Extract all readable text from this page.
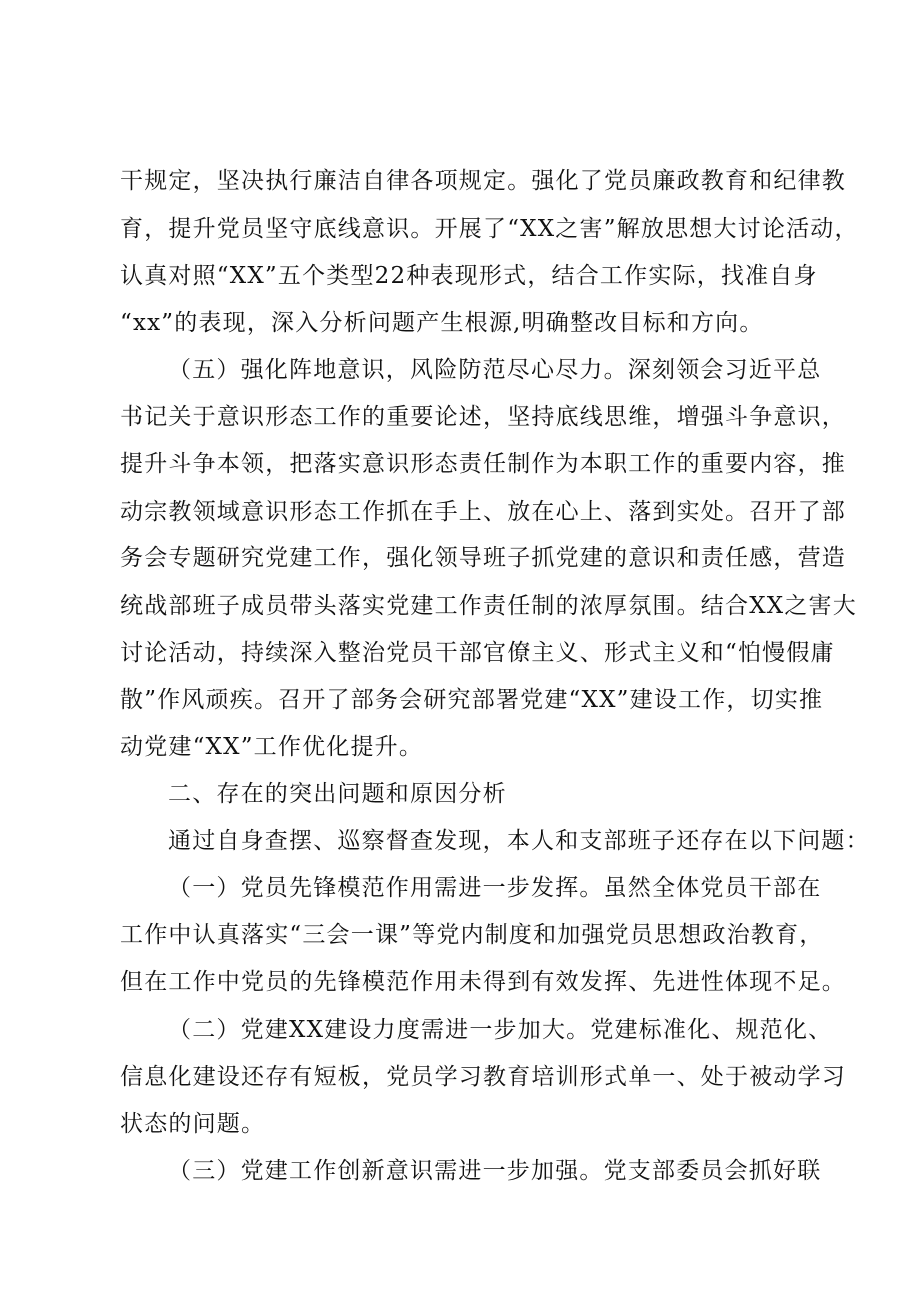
干规定，坚决执行廉洁自律各项规定。强化了党员廉政教育和纪律教
育，提升党员坚守底线意识。开展了“XX之害”解放思想大讨论活动，
认真对照“XX”五个类型22种表现形式，结合工作实际，找准自身
“xx”的表现，深入分析问题产生根源,明确整改目标和方向。
（五）强化阵地意识，风险防范尽心尽力。深刻领会习近平总
书记关于意识形态工作的重要论述，坚持底线思维，增强斗争意识，
提升斗争本领，把落实意识形态责任制作为本职工作的重要内容，推
动宗教领域意识形态工作抓在手上、放在心上、落到实处。召开了部
务会专题研究党建工作，强化领导班子抓党建的意识和责任感，营造
统战部班子成员带头落实党建工作责任制的浓厚氛围。结合XX之害大
讨论活动，持续深入整治党员干部官僚主义、形式主义和“怕慢假庸
散”作风顽疾。召开了部务会研究部署党建“XX”建设工作，切实推
动党建“XX”工作优化提升。
二、存在的突出问题和原因分析
通过自身查摆、巡察督查发现，本人和支部班子还存在以下问题：
（一）党员先锋模范作用需进一步发挥。虽然全体党员干部在
工作中认真落实“三会一课”等党内制度和加强党员思想政治教育，
但在工作中党员的先锋模范作用未得到有效发挥、先进性体现不足。
（二）党建XX建设力度需进一步加大。党建标准化、规范化、
信息化建设还存有短板，党员学习教育培训形式单一、处于被动学习
状态的问题。
（三）党建工作创新意识需进一步加强。党支部委员会抓好联
